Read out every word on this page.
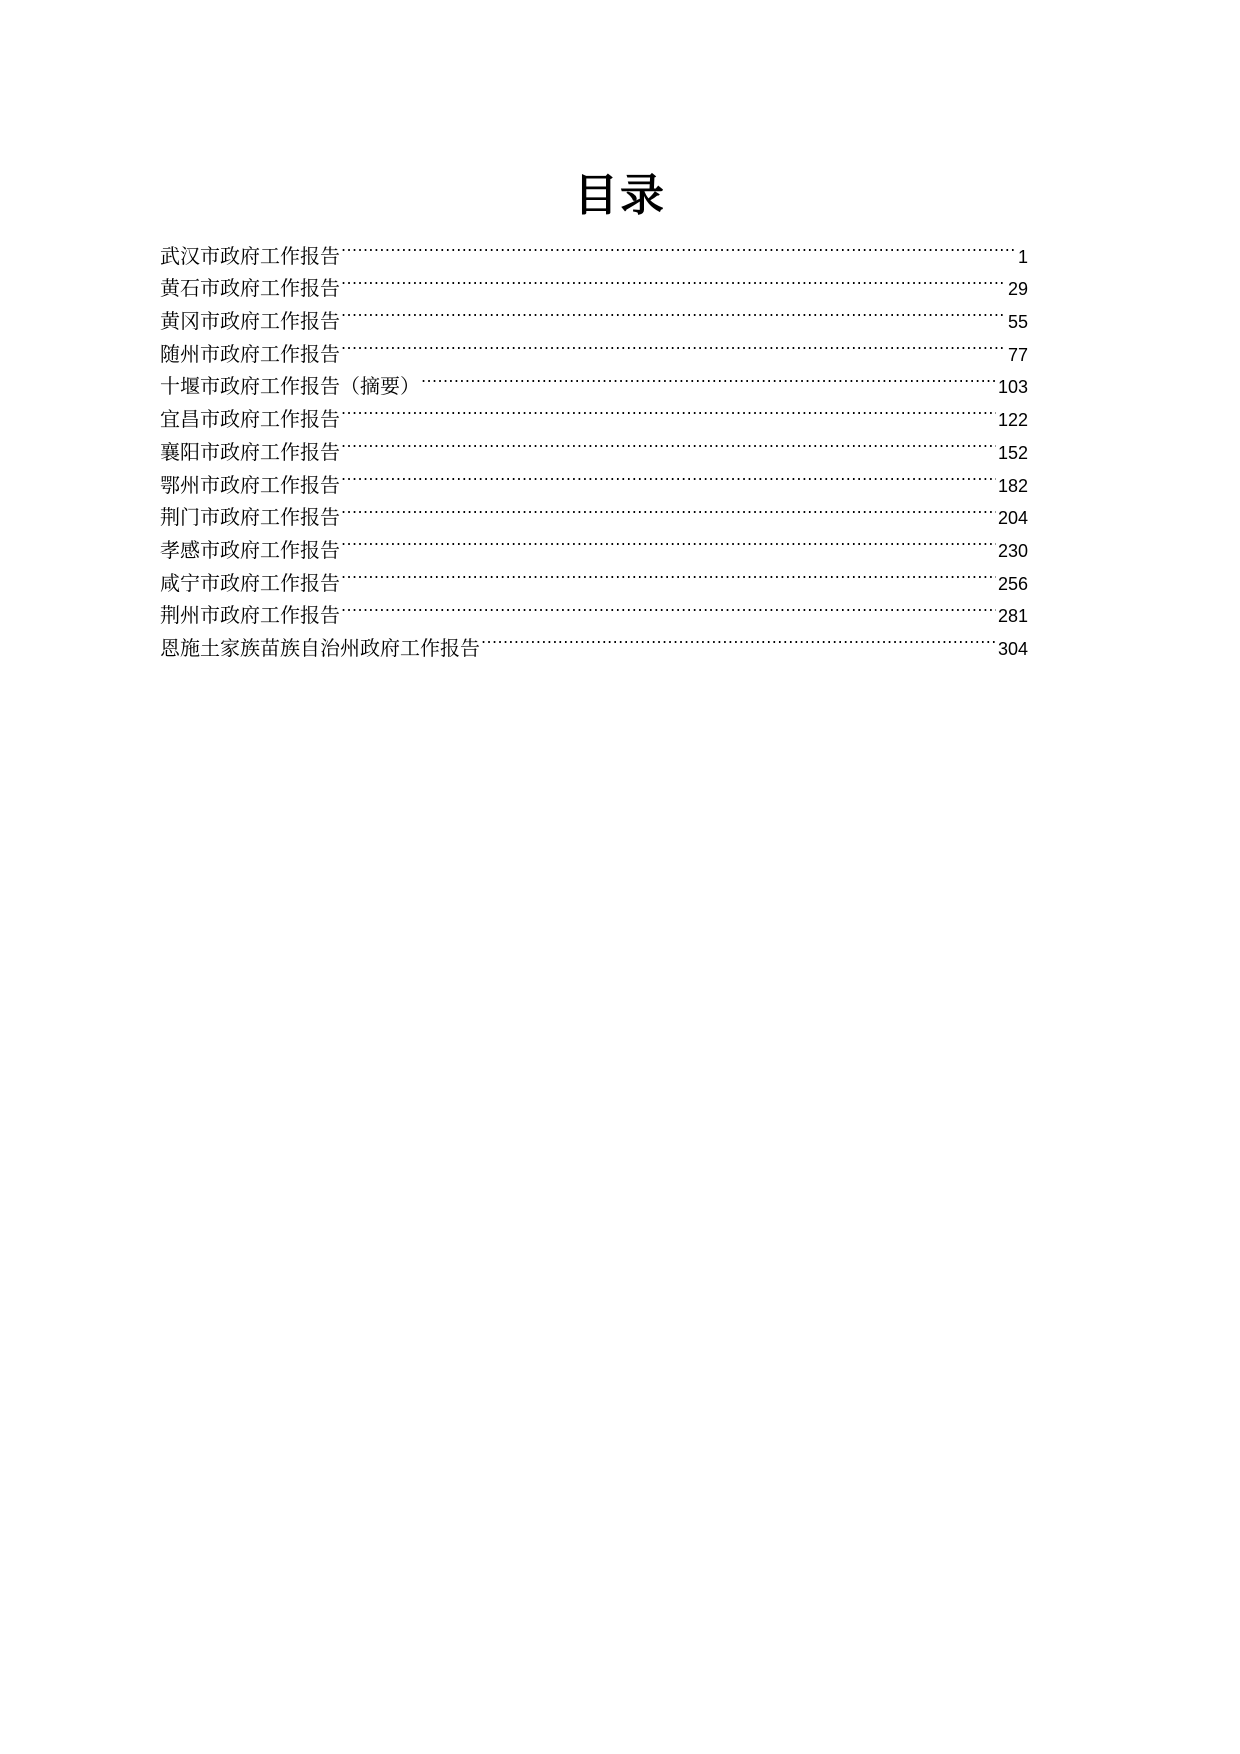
目录
武汉市政府工作报告 .....	1
黄石市政府工作报告 .....	29
黄冈市政府工作报告 .....	55
随州市政府工作报告 .....	77
十堰市政府工作报告（摘要） .....	103
宜昌市政府工作报告 .....	122
襄阳市政府工作报告 .....	152
鄂州市政府工作报告 .....	182
荆门市政府工作报告 .....	204
孝感市政府工作报告 .....	230
咸宁市政府工作报告 .....	256
荆州市政府工作报告 .....	281
恩施土家族苗族自治州政府工作报告 .....	304
